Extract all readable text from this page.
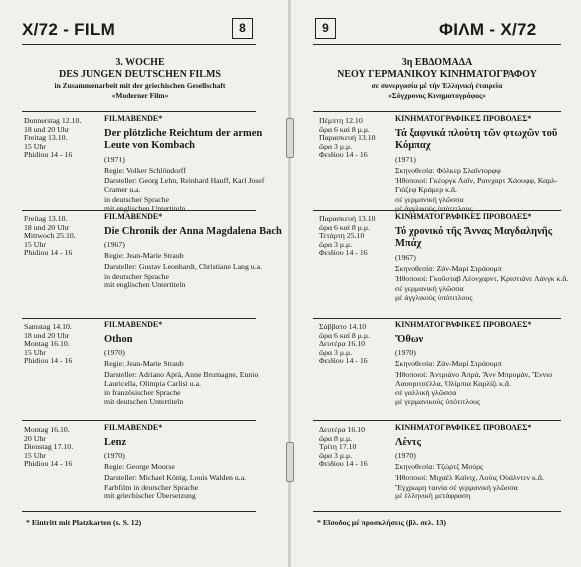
X/72 - FILM	8
3. WOCHE
DES JUNGEN DEUTSCHEN FILMS
in Zusammenarbeit mit der griechischen Gesellschaft
«Moderner Film»
Donnerstag 12.10.
18 und 20 Uhr
Freitag 13.10.
15 Uhr
Phidiou 14 - 16
FILMABENDE*
Der plötzliche Reichtum der armen Leute von Kombach
(1971)
Regie: Volker Schlöndorff
Darsteller: Georg Lehn, Reinhard Hauff, Karl Josef Cramer u.a.
in deutscher Sprache
mit englischen Untertiteln
Freitag 13.10.
18 und 20 Uhr
Mittwoch 25.10.
15 Uhr
Phidiou 14 - 16
FILMABENDE*
Die Chronik der Anna Magdalena Bach
(1967)
Regie: Jean-Marie Straub
Darsteller: Gustav Leonhardt, Christiane Lang u.a.
in deutscher Sprache
mit englischen Untertiteln
Samstag 14.10.
18 und 20 Uhr
Montag 16.10.
15 Uhr
Phidiou 14 - 16
FILMABENDE*
Othon
(1970)
Regie: Jean-Marie Straub
Darsteller: Adriano Aprà, Anne Brumagne, Ennio Lauricella, Olimpia Carlisi u.a.
in französischer Sprache
mit deutschen Untertiteln
Montag 16.10.
20 Uhr
Dienstag 17.10.
15 Uhr
Phidiou 14 - 16
FILMABENDE*
Lenz
(1970)
Regie: George Moorse
Darsteller: Michael König, Louis Walden u.a.
Farbfilm in deutscher Sprache
mit griechischer Übersetzung
* Eintritt mit Platzkarten (s. S. 12)
9	ΦΙΛΜ - X/72
3η ΕΒΔΟΜΑΔΑ
ΝΕΟΥ ΓΕΡΜΑΝΙΚΟΥ ΚΙΝΗΜΑΤΟΓΡΑΦΟΥ
σε συνεργασία μέ τήν Ἑλληνική ἑταιρεία
«Σύγχρονος Κινηματογράφος»
Πέμπτη 12.10
ὥρα 6 καί 8 μ.μ.
Παρασκευή 13.10
ὥρα 3 μ.μ.
Φειδίου 14 - 16
ΚΙΝΗΜΑΤΟΓΡΑΦΙΚΕΣ ΠΡΟΒΟΛΕΣ*
Τά ξαφνικά πλούτη τῶν φτωχῶν τοῦ Κόμπαχ
(1971)
Σκηνοθεσία: Φόλκερ Σλαΐντορφφ
Ἠθοποιοί: Γκέοργκ Λαΐν, Ραινχαρτ Χάουφφ, Καρλ-Γιόζεφ Κράμερ κ.ἄ.
σέ γερμανική γλῶσσα
μέ ἀγγλικούς ὑπότιτλους
Παρασκευή 13.10
ὥρα 6 καί 8 μ.μ.
Τετάρτη 25.10
ὥρα 3 μ.μ.
Φειδίου 14 - 16
ΚΙΝΗΜΑΤΟΓΡΑΦΙΚΕΣ ΠΡΟΒΟΛΕΣ*
Τό χρονικό τῆς Ἄννας Μαγδαληνῆς Μπάχ
(1967)
Σκηνοθεσία: Ζάν-Μαρί Στράουμπ
Ἠθοποιοί: Γκοῦσταβ Λέονχαρντ, Κριστιάνε Λάνγκ κ.ἄ.
σέ γερμανική γλῶσσα
μέ ἀγγλικούς ὑπότιτλους
Σάββατο 14.10
ὥρα 6 καί 8 μ.μ.
Δευτέρα 16.10
ὥρα 3 μ.μ.
Φειδίου 14 - 16
ΚΙΝΗΜΑΤΟΓΡΑΦΙΚΕΣ ΠΡΟΒΟΛΕΣ*
Ὄθων
(1970)
Σκηνοθεσία: Ζάν-Μαρί Στράουμπ
Ἠθοποιοί: Ἀντριάνο Ἀπρά, Ἄνν Μπρυμάν, Ἔννιο Λαουριτσέλλα, Ὀλίμπια Καρλίζι κ.ἄ.
σέ γαλλική γλῶσσα
μέ γερμανικούς ὑπότιτλους
Δευτέρα 16.10
ὥρα 8 μ.μ.
Τρίτη 17.10
ὥρα 3 μ.μ.
Φειδίου 14 - 16
ΚΙΝΗΜΑΤΟΓΡΑΦΙΚΕΣ ΠΡΟΒΟΛΕΣ*
Λέντς
(1970)
Σκηνοθεσία: Τζώρτζ Μούρς
Ἠθοποιοί: Μιχαέλ Καίνιχ, Λούις Οὐάλντεν κ.ἄ.
Ἔγχρωμη ταινία σέ γερμανική γλῶσσα
μέ ἑλληνική μετάφραση
* Εἴσοδος μέ προσκλήσεις (βλ. σελ. 13)
